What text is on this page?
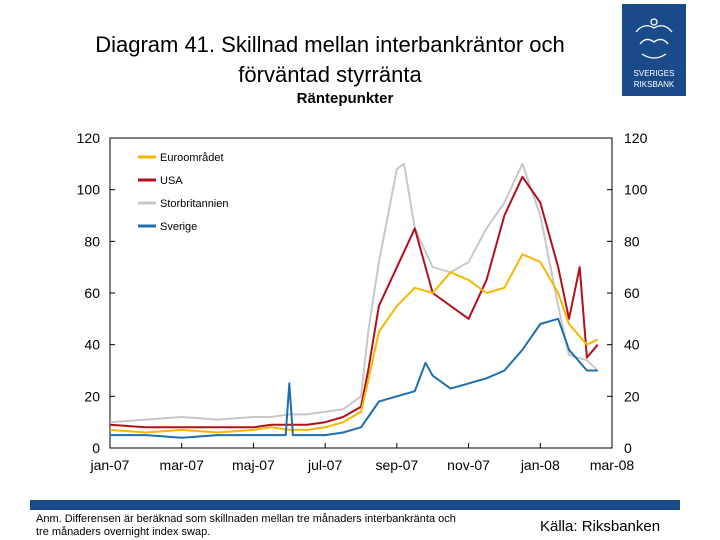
Diagram 41. Skillnad mellan interbankräntor och
förväntad styrränta
Räntepunkter
SVERIGES
RIKSBANK
0	0
20	20
40	40
60	60
80	80
100	100
120	120
jan-07 mar-07 maj-07 jul-07 sep-07 nov-07 jan-08 mar-08
Euroområdet
USA
Storbritannien
Sverige
Anm. Differensen är beräknad som skillnaden mellan tre månaders interbankränta och tre månaders overnight index swap.	Källa: Riksbanken
